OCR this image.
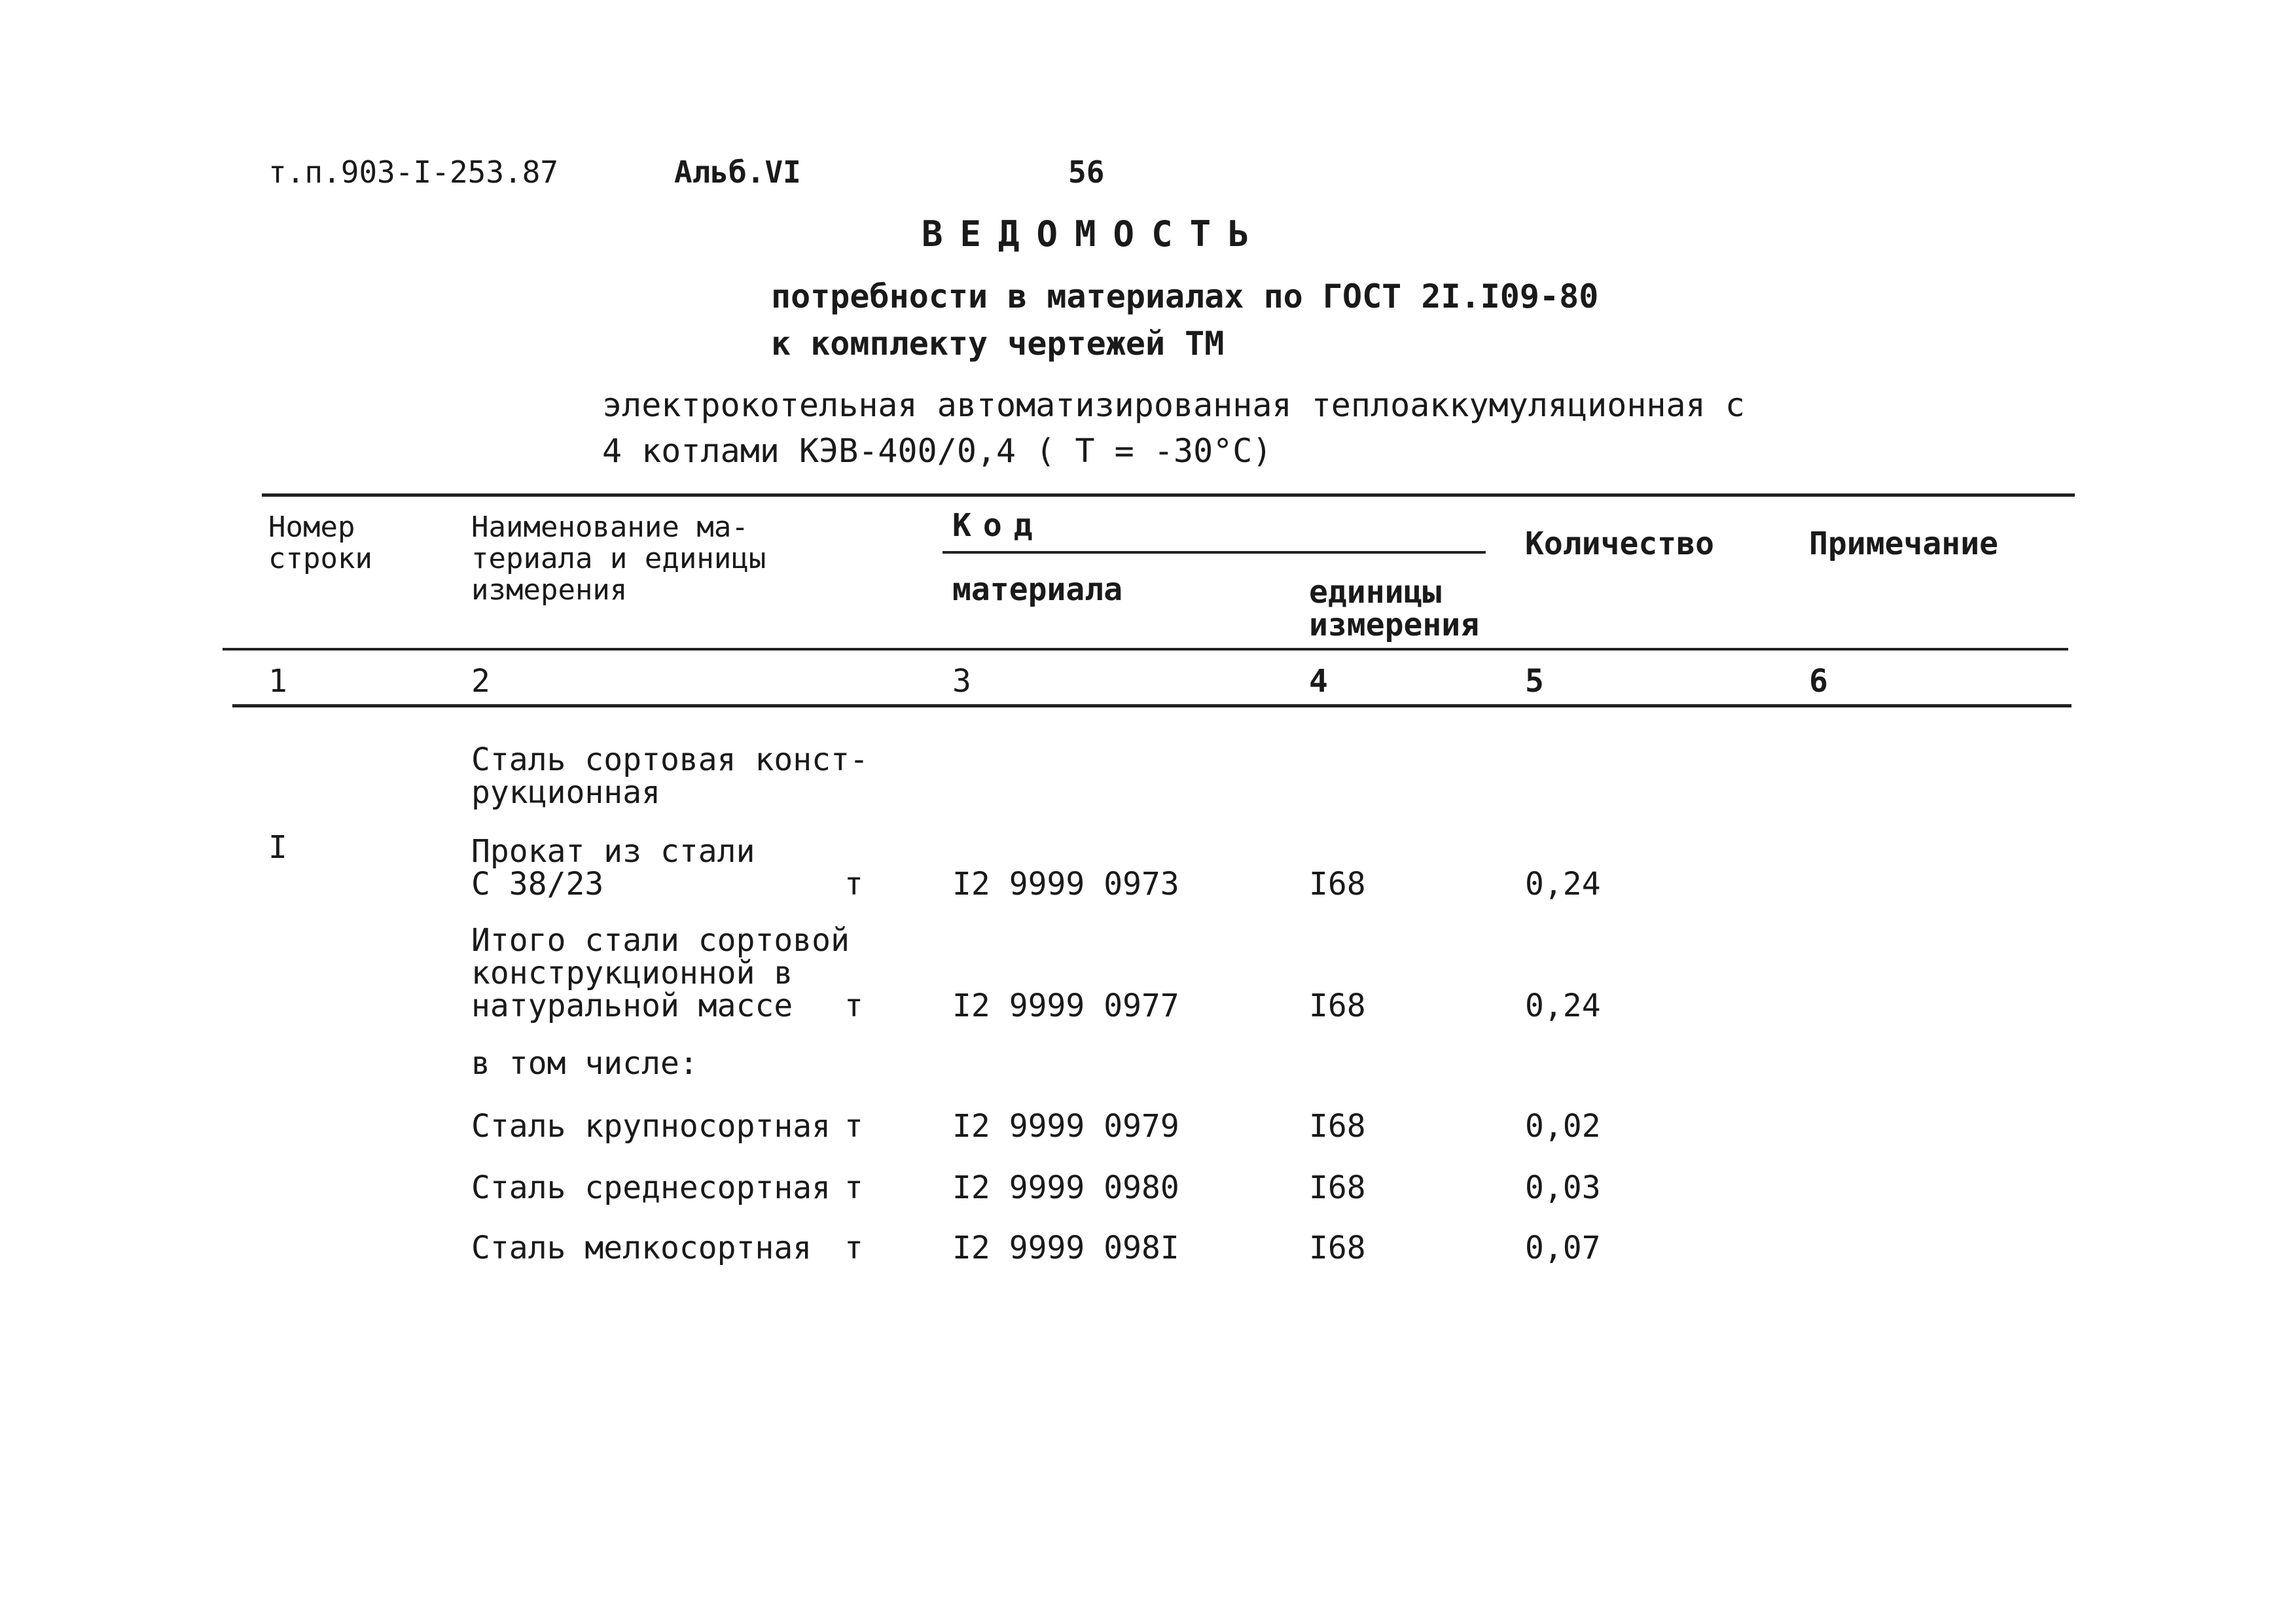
т.п.903-I-253.87	Альб.VI	56
ВЕДОМОСТЬ
потребности в материалах по ГОСТ 2I.I09-80
к комплекту чертежей ТМ
электрокотельная автоматизированная теплоаккумуляционная с
4 котлами КЭВ-400/0,4 ( Т = -30°С)
Номер
строки
Наименование ма-
териала и единицы
измерения
Код
материала	единицы
измерения
Количество	Примечание
1	2	3	4	5	6
Сталь сортовая конст-
рукционная
I	Прокат из стали
С 38/23	т	I2 9999 0973	I68	0,24
Итого стали сортовой
конструкционной в
натуральной массе	т	I2 9999 0977	I68	0,24
в том числе:
Сталь крупносортная т	I2 9999 0979	I68	0,02
Сталь среднесортная т	I2 9999 0980	I68	0,03
Сталь мелкосортная т	I2 9999 098I	I68	0,07
